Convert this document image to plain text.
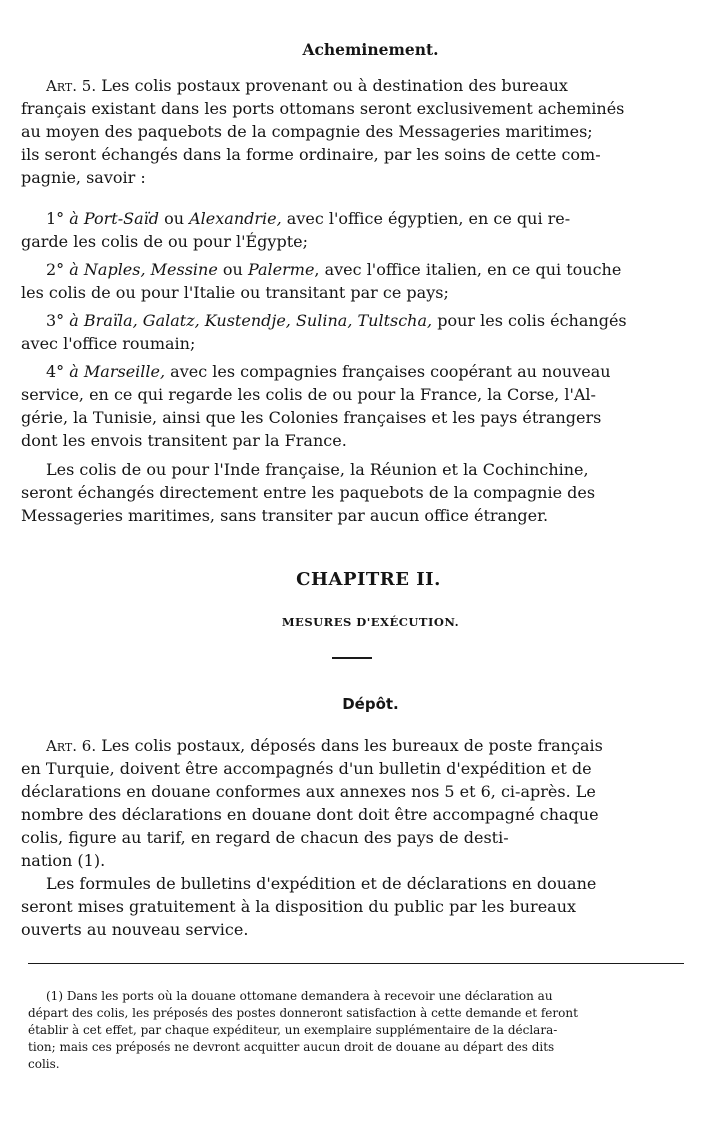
Acheminement.
Art. 5. Les colis postaux provenant ou à destination des bureaux
français existant dans les ports ottomans seront exclusivement acheminés
au moyen des paquebots de la compagnie des Messageries maritimes;
ils seront échangés dans la forme ordinaire, par les soins de cette com-
pagnie, savoir :
1° à Port-Saïd ou Alexandrie, avec l'office égyptien, en ce qui re-
garde les colis de ou pour l'Égypte;
2° à Naples, Messine ou Palerme, avec l'office italien, en ce qui touche
les colis de ou pour l'Italie ou transitant par ce pays;
3° à Braïla, Galatz, Kustendje, Sulina, Tultscha, pour les colis échangés
avec l'office roumain;
4° à Marseille, avec les compagnies françaises coopérant au nouveau
service, en ce qui regarde les colis de ou pour la France, la Corse, l'Al-
gérie, la Tunisie, ainsi que les Colonies françaises et les pays étrangers
dont les envois transitent par la France.
Les colis de ou pour l'Inde française, la Réunion et la Cochinchine,
seront échangés directement entre les paquebots de la compagnie des
Messageries maritimes, sans transiter par aucun office étranger.
CHAPITRE II.
MESURES D'EXÉCUTION.
Dépôt.
Art. 6. Les colis postaux, déposés dans les bureaux de poste français
en Turquie, doivent être accompagnés d'un bulletin d'expédition et de
déclarations en douane conformes aux annexes nos 5 et 6, ci-après. Le
nombre des déclarations en douane dont doit être accompagné chaque
colis, figure au tarif, en regard de chacun des pays de desti-
nation (1).
Les formules de bulletins d'expédition et de déclarations en douane
seront mises gratuitement à la disposition du public par les bureaux
ouverts au nouveau service.
(1) Dans les ports où la douane ottomane demandera à recevoir une déclaration au
départ des colis, les préposés des postes donneront satisfaction à cette demande et feront
établir à cet effet, par chaque expéditeur, un exemplaire supplémentaire de la déclara-
tion; mais ces préposés ne devront acquitter aucun droit de douane au départ des dits
colis.
